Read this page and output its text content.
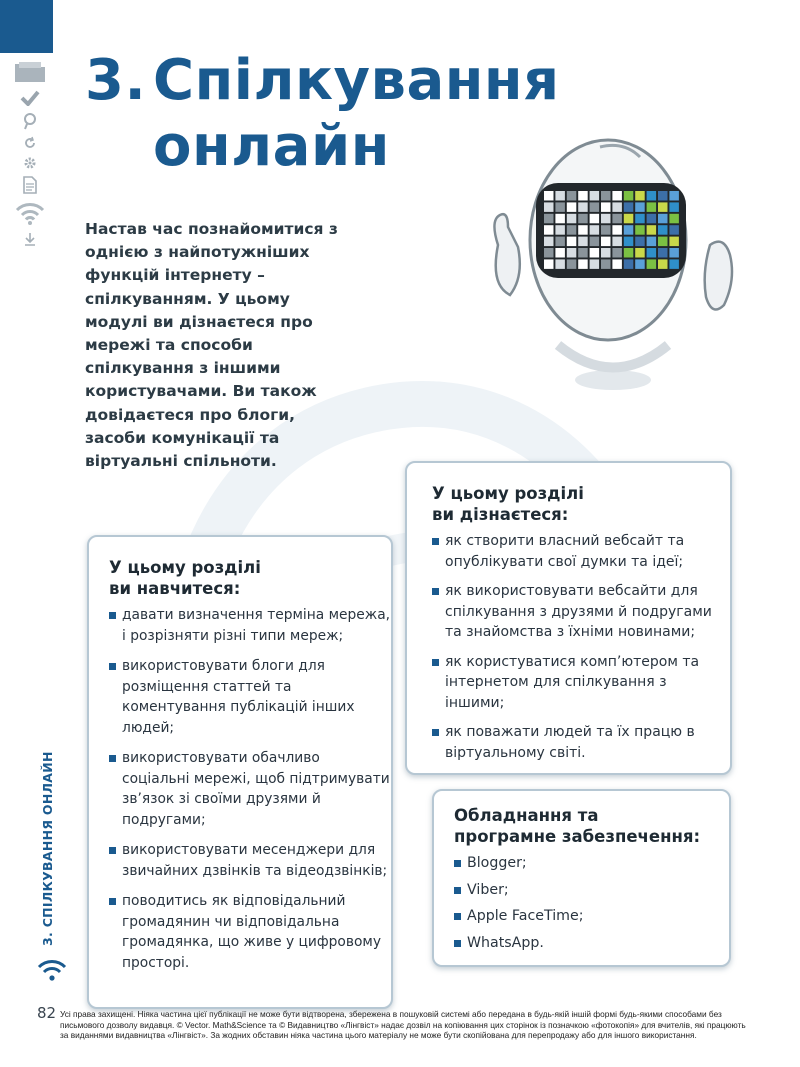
3. Спілкування
онлайн

Настав час познайомитися з однією з найпотужніших функцій інтернету – спілкуванням. У цьому модулі ви дізнаєтеся про мережі та способи спілкування з іншими користувачами. Ви також довідаєтеся про блоги, засоби комунікації та віртуальні спільноти.

У цьому розділі
ви дізнаєтеся:
як створити власний вебсайт та опублікувати свої думки та ідеї;
як використовувати вебсайти для спілкування з друзями й подругами та знайомства з їхніми новинами;
як користуватися комп’ютером та інтернетом для спілкування з іншими;
як поважати людей та їх працю в віртуальному світі.
У цьому розділі
ви навчитеся:
давати визначення терміна мережа, і розрізняти різні типи мереж;
використовувати блоги для розміщення статтей та коментування публікацій інших людей;
використовувати обачливо соціальні мережі, щоб підтримувати зв’язок зі своїми друзями й подругами;
використовувати месенджери для звичайних дзвінків та відеодзвінків;
поводитись як відповідальний громадянин чи відповідальна громадянка, що живе у цифровому просторі.
Обладнання та
програмне забезпечення:
Blogger;
Viber;
Apple FaceTime;
WhatsApp.
3. СПІЛКУВАННЯ ОНЛАЙН
82 Усі права захищені. Ніяка частина цієї публікації не може бути відтворена, збережена в пошуковій системі або передана в будь-якій іншій формі будь-якими способами без письмового дозволу видавця. © Vector. Math&Science та © Видавництво «Лінгвіст» надає дозвіл на копіювання цих сторінок із позначкою «фотокопія» для вчителів, які працюють за виданнями видавництва «Лінгвіст». За жодних обставин ніяка частина цього матеріалу не може бути скопійована для перепродажу або для іншого використання.
